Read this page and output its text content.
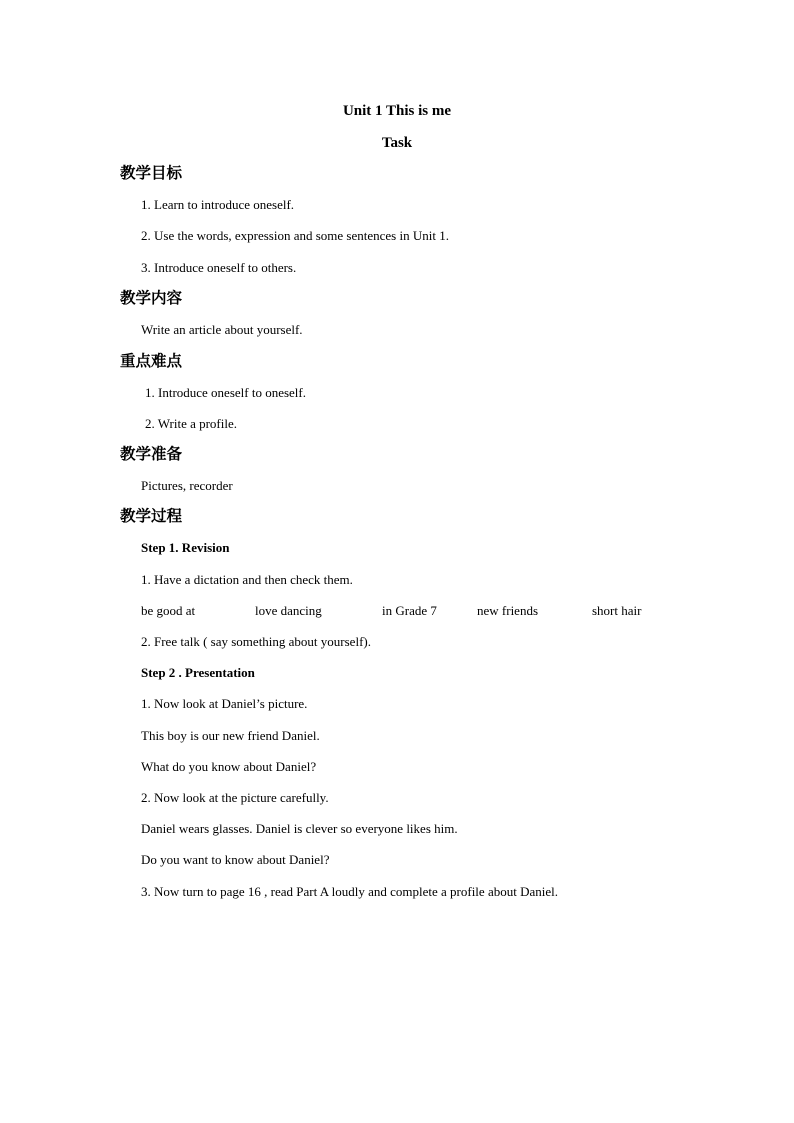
Unit 1 This is me
Task
教学目标
1. Learn to introduce oneself.
2. Use the words, expression and some sentences in Unit 1.
3. Introduce oneself to others.
教学内容
Write an article about yourself.
重点难点
1. Introduce oneself to oneself.
2. Write a profile.
教学准备
Pictures, recorder
教学过程
Step 1. Revision
1. Have a dictation and then check them.
be good at	love dancing	in Grade 7	new friends	short hair
2. Free talk ( say something about yourself).
Step 2 . Presentation
1. Now look at Daniel’s picture.
This boy is our new friend Daniel.
What do you know about Daniel?
2. Now look at the picture carefully.
Daniel wears glasses. Daniel is clever so everyone likes him.
Do you want to know about Daniel?
3. Now turn to page 16 , read Part A loudly and complete a profile about Daniel.
